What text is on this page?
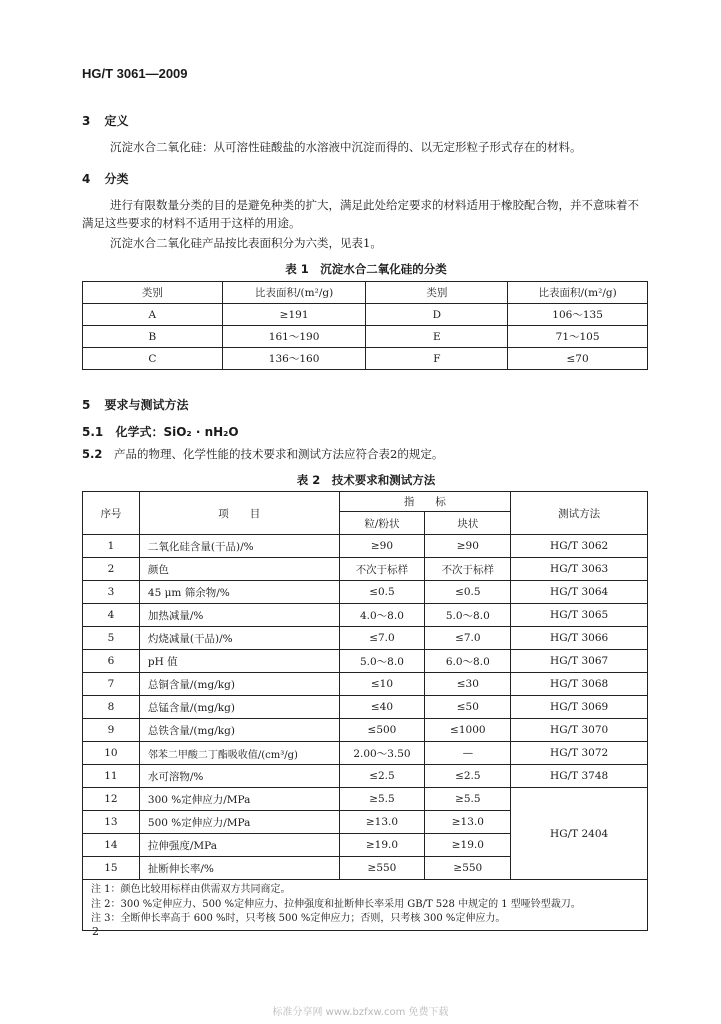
HG/T 3061—2009
3 定义
沉淀水合二氧化硅：从可溶性硅酸盐的水溶液中沉淀而得的、以无定形粒子形式存在的材料。
4 分类
进行有限数量分类的目的是避免种类的扩大，满足此处给定要求的材料适用于橡胶配合物，并不意味着不满足这些要求的材料不适用于这样的用途。
沉淀水合二氧化硅产品按比表面积分为六类，见表1。
表 1　沉淀水合二氧化硅的分类
类别	比表面积/(m²/g)	类别	比表面积/(m²/g)
A	≥191	D	106～135
B	161～190	E	71～105
C	136～160	F	≤70
5 要求与测试方法
5.1 化学式：SiO₂ · nH₂O
5.2 产品的物理、化学性能的技术要求和测试方法应符合表2的规定。
表 2　技术要求和测试方法
序号	项　　目	指　　标		测试方法
		粒/粉状	块状	
1	二氧化硅含量(干品)/%	≥90	≥90	HG/T 3062
2	颜色	不次于标样	不次于标样	HG/T 3063
3	45 μm 筛余物/%	≤0.5	≤0.5	HG/T 3064
4	加热减量/%	4.0～8.0	5.0～8.0	HG/T 3065
5	灼烧减量(干品)/%	≤7.0	≤7.0	HG/T 3066
6	pH 值	5.0～8.0	6.0～8.0	HG/T 3067
7	总铜含量/(mg/kg)	≤10	≤30	HG/T 3068
8	总锰含量/(mg/kg)	≤40	≤50	HG/T 3069
9	总铁含量/(mg/kg)	≤500	≤1000	HG/T 3070
10	邻苯二甲酸二丁酯吸收值/(cm³/g)	2.00～3.50	—	HG/T 3072
11	水可溶物/%	≤2.5	≤2.5	HG/T 3748
12	300 %定伸应力/MPa	≥5.5	≥5.5	HG/T 2404
13	500 %定伸应力/MPa	≥13.0	≥13.0	
14	拉伸强度/MPa	≥19.0	≥19.0	
15	扯断伸长率/%	≥550	≥550	

注 1：颜色比较用标样由供需双方共同商定。
注 2：300 %定伸应力、500 %定伸应力、拉伸强度和扯断伸长率采用 GB/T 528 中规定的 1 型哑铃型裁刀。
注 3：全断伸长率高于 600 %时，只考核 500 %定伸应力；否则，只考核 300 %定伸应力。				
2
标准分享网 www.bzfxw.com 免费下载
